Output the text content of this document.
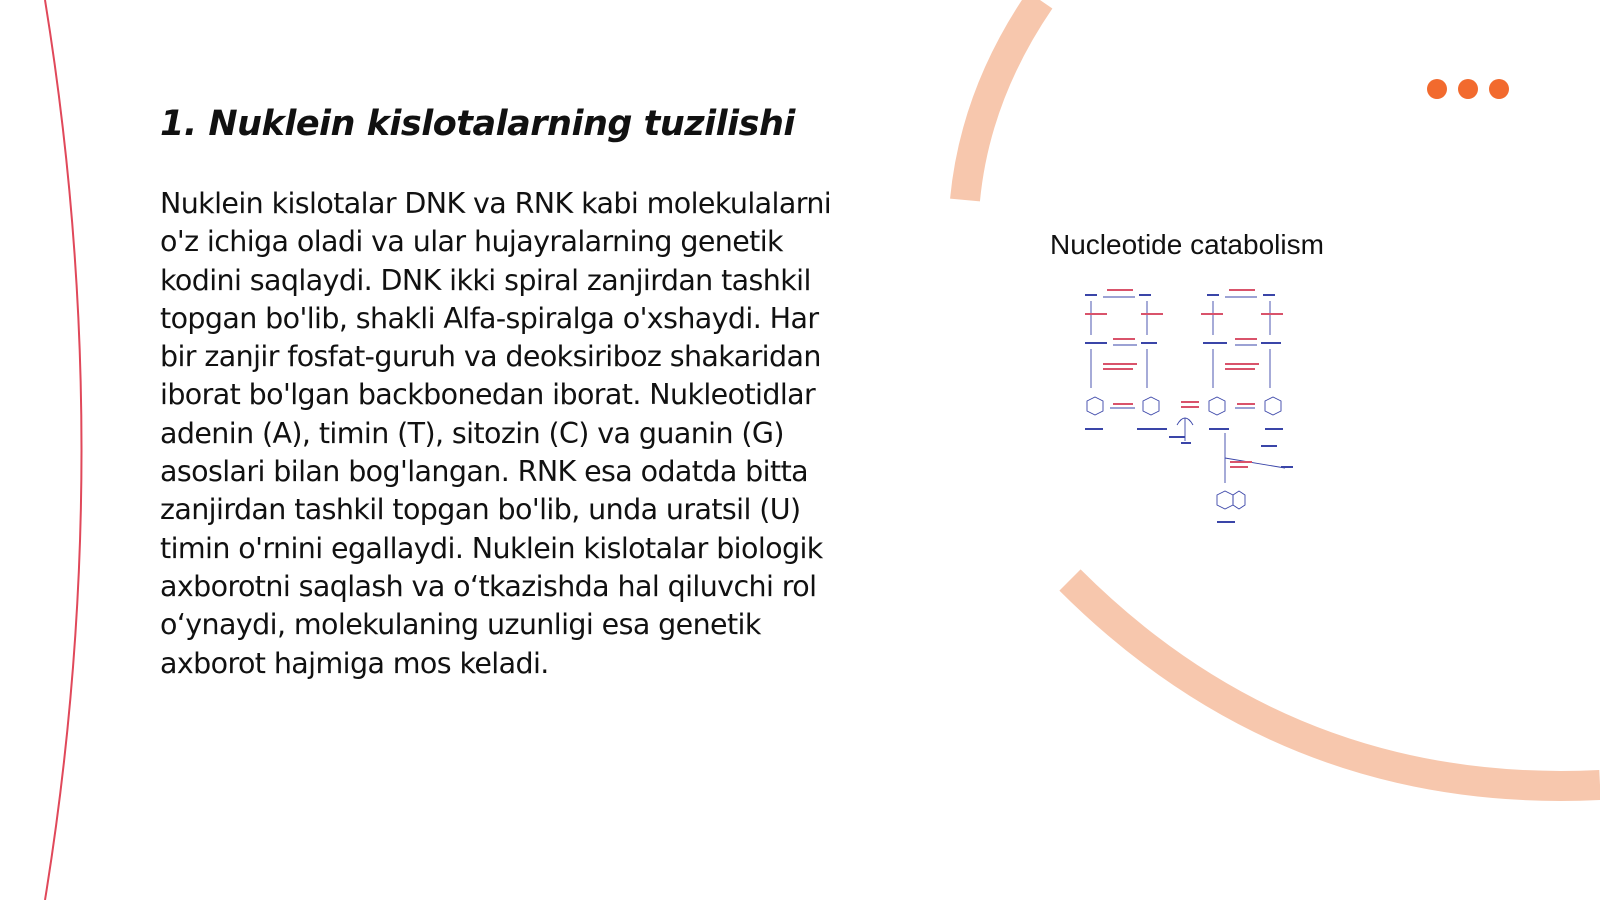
1. Nuklein kislotalarning tuzilishi

Nuklein kislotalar DNK va RNK kabi molekulalarni o'z ichiga oladi va ular hujayralarning genetik kodini saqlaydi. DNK ikki spiral zanjirdan tashkil topgan bo'lib, shakli Alfa-spiralga o'xshaydi. Har bir zanjir fosfat-guruh va deoksiriboz shakaridan iborat bo'lgan backbonedan iborat. Nukleotidlar adenin (A), timin (T), sitozin (C) va guanin (G) asoslari bilan bog'langan. RNK esa odatda bitta zanjirdan tashkil topgan bo'lib, unda uratsil (U) timin o'rnini egallaydi. Nuklein kislotalar biologik axborotni saqlash va o‘tkazishda hal qiluvchi rol o‘ynaydi, molekulaning uzunligi esa genetik axborot hajmiga mos keladi.

Nucleotide catabolism
